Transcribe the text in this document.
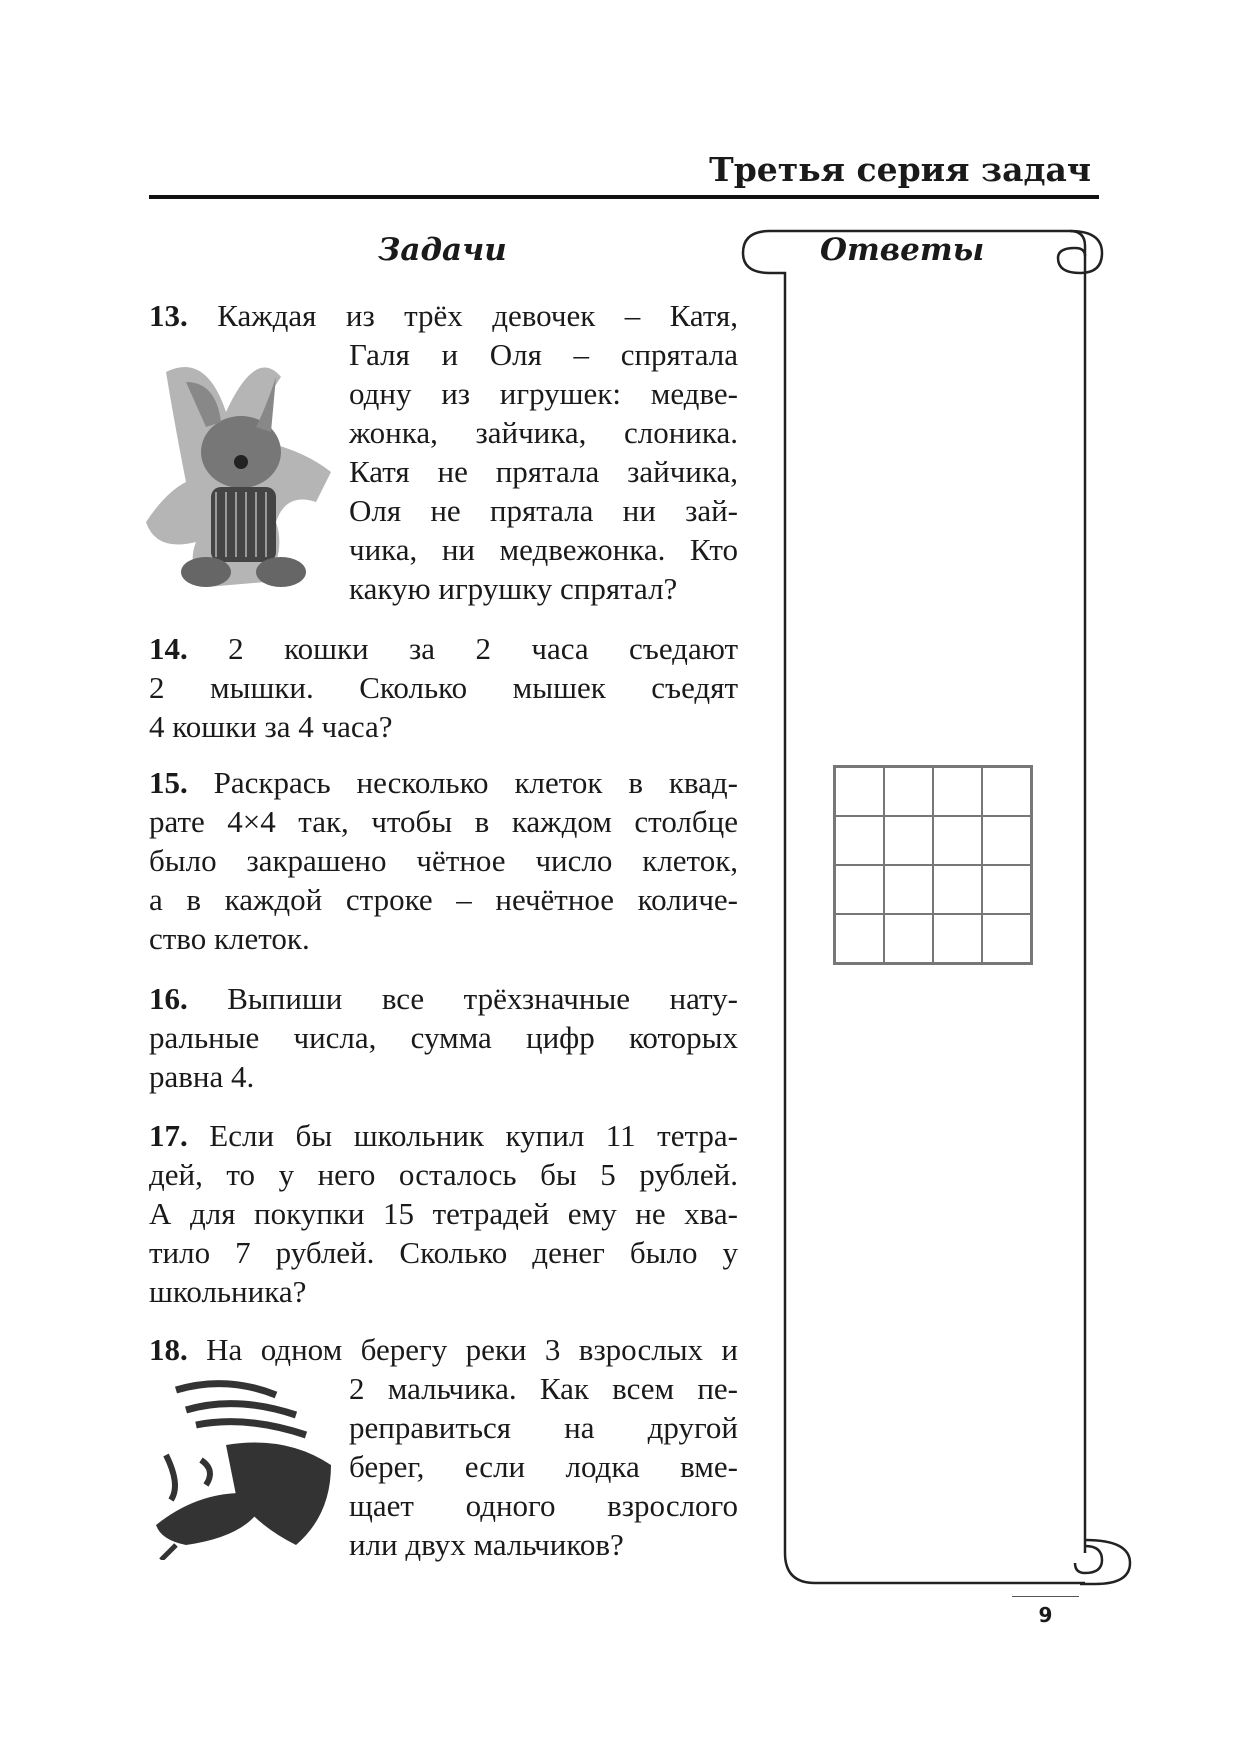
Третья серия задач
Задачи	Ответы
13. Каждая из трёх девочек – Катя,
Галя и Оля – спрятала
одну из игрушек: медве-
жонка, зайчика, слоника.
Катя не прятала зайчика,
Оля не прятала ни зай-
чика, ни медвежонка. Кто
какую игрушку спрятал?
14. 2 кошки за 2 часа съедают
2 мышки. Сколько мышек съедят
4 кошки за 4 часа?
15. Раскрась несколько клеток в квад-
рате 4×4 так, чтобы в каждом столбце
было закрашено чётное число клеток,
а в каждой строке – нечётное количе-
ство клеток.
16. Выпиши все трёхзначные нату-
ральные числа, сумма цифр которых
равна 4.
17. Если бы школьник купил 11 тетра-
дей, то у него осталось бы 5 рублей.
А для покупки 15 тетрадей ему не хва-
тило 7 рублей. Сколько денег было у
школьника?
18. На одном берегу реки 3 взрослых и
2 мальчика. Как всем пе-
реправиться на другой
берег, если лодка вме-
щает одного взрослого
или двух мальчиков?
9
